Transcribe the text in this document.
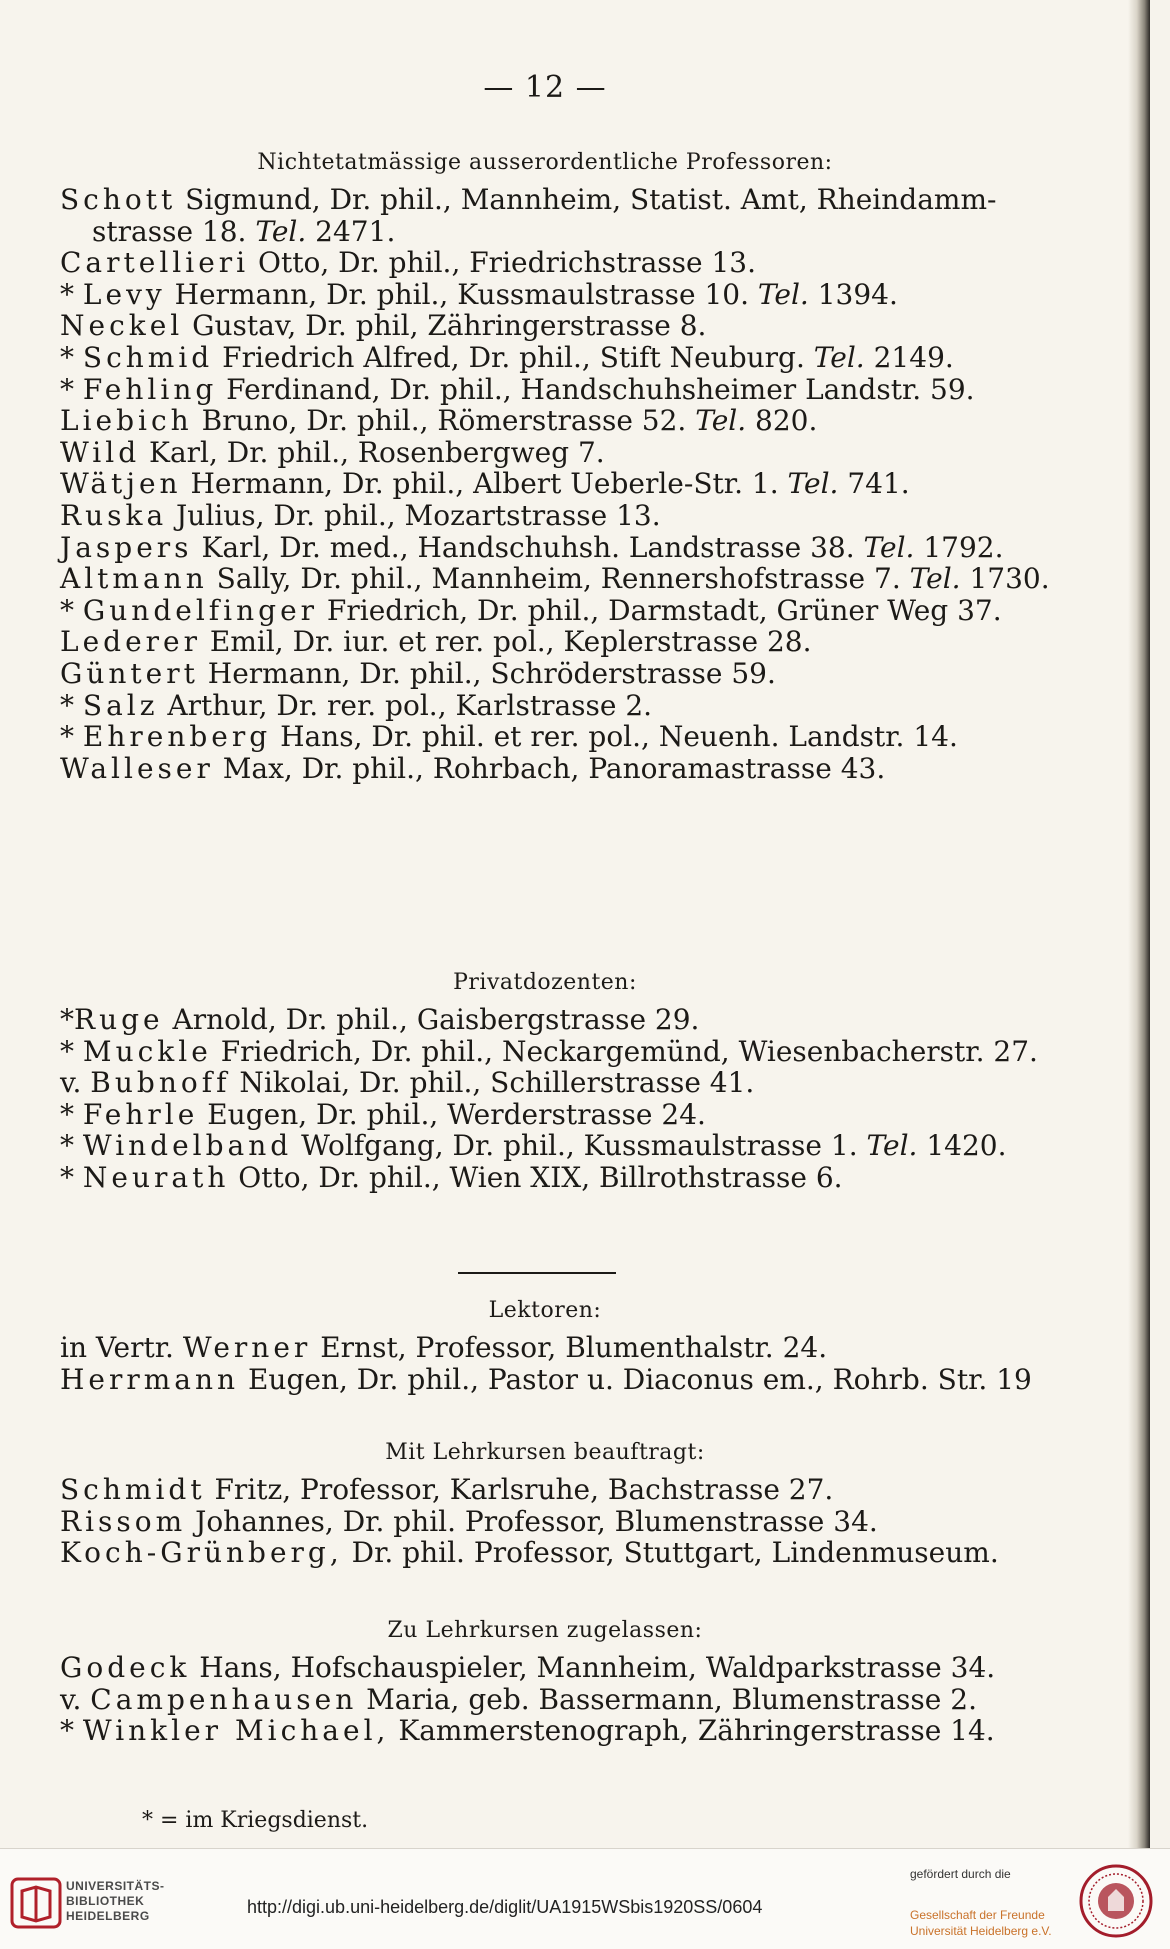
— 12 —
Nichtetatmässige ausserordentliche Professoren:
Schott Sigmund, Dr. phil., Mannheim, Statist. Amt, Rheindamm-
strasse 18. Tel. 2471.
Cartellieri Otto, Dr. phil., Friedrichstrasse 13.
* Levy Hermann, Dr. phil., Kussmaulstrasse 10. Tel. 1394.
Neckel Gustav, Dr. phil, Zähringerstrasse 8.
* Schmid Friedrich Alfred, Dr. phil., Stift Neuburg. Tel. 2149.
* Fehling Ferdinand, Dr. phil., Handschuhsheimer Landstr. 59.
Liebich Bruno, Dr. phil., Römerstrasse 52. Tel. 820.
Wild Karl, Dr. phil., Rosenbergweg 7.
Wätjen Hermann, Dr. phil., Albert Ueberle-Str. 1. Tel. 741.
Ruska Julius, Dr. phil., Mozartstrasse 13.
Jaspers Karl, Dr. med., Handschuhsh. Landstrasse 38. Tel. 1792.
Altmann Sally, Dr. phil., Mannheim, Rennershofstrasse 7. Tel. 1730.
* Gundelfinger Friedrich, Dr. phil., Darmstadt, Grüner Weg 37.
Lederer Emil, Dr. iur. et rer. pol., Keplerstrasse 28.
Güntert Hermann, Dr. phil., Schröderstrasse 59.
* Salz Arthur, Dr. rer. pol., Karlstrasse 2.
* Ehrenberg Hans, Dr. phil. et rer. pol., Neuenh. Landstr. 14.
Walleser Max, Dr. phil., Rohrbach, Panoramastrasse 43.
Privatdozenten:
*Ruge Arnold, Dr. phil., Gaisbergstrasse 29.
* Muckle Friedrich, Dr. phil., Neckargemünd, Wiesenbacherstr. 27.
v. Bubnoff Nikolai, Dr. phil., Schillerstrasse 41.
* Fehrle Eugen, Dr. phil., Werderstrasse 24.
* Windelband Wolfgang, Dr. phil., Kussmaulstrasse 1. Tel. 1420.
* Neurath Otto, Dr. phil., Wien XIX, Billrothstrasse 6.
Lektoren:
in Vertr. Werner Ernst, Professor, Blumenthalstr. 24.
Herrmann Eugen, Dr. phil., Pastor u. Diaconus em., Rohrb. Str. 19
Mit Lehrkursen beauftragt:
Schmidt Fritz, Professor, Karlsruhe, Bachstrasse 27.
Rissom Johannes, Dr. phil. Professor, Blumenstrasse 34.
Koch-Grünberg, Dr. phil. Professor, Stuttgart, Lindenmuseum.
Zu Lehrkursen zugelassen:
Godeck Hans, Hofschauspieler, Mannheim, Waldparkstrasse 34.
v. Campenhausen Maria, geb. Bassermann, Blumenstrasse 2.
* Winkler Michael, Kammerstenograph, Zähringerstrasse 14.
* = im Kriegsdienst.
UNIVERSITÄTS-
BIBLIOTHEK
HEIDELBERG	http://digi.ub.uni-heidelberg.de/diglit/UA1915WSbis1920SS/0604
gefördert durch die
Gesellschaft der Freunde
Universität Heidelberg e.V.
